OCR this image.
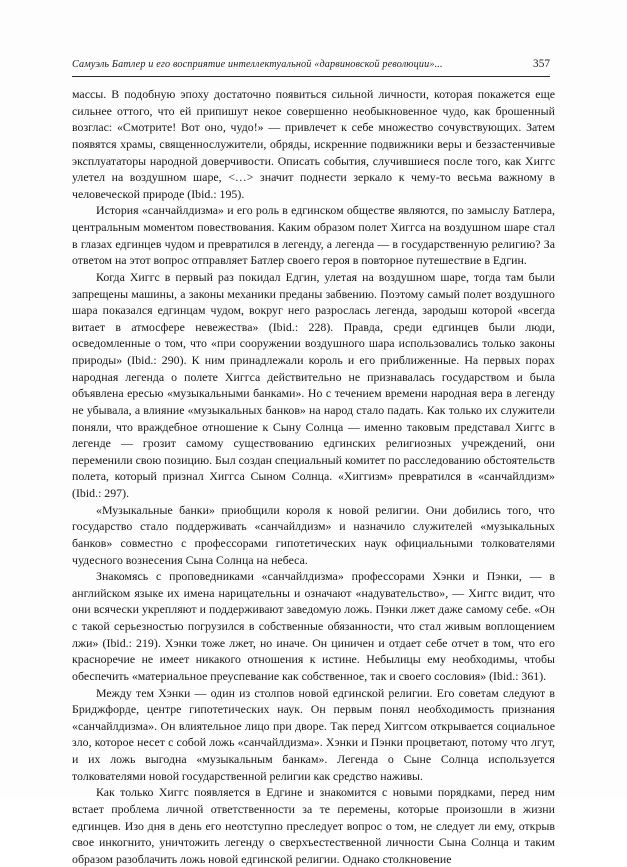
Самуэль Батлер и его восприятие интеллектуальной «дарвиновской революции»...	357

массы. В подобную эпоху достаточно появиться сильной личности, которая покажется еще сильнее оттого, что ей припишут некое совершенно необыкновенное чудо, как брошенный возглас: «Смотрите! Вот оно, чудо!» — привлечет к себе множество сочувствующих. Затем появятся храмы, священнослужители, обряды, искренние подвижники веры и беззастенчивые эксплуататоры народной доверчивости. Описать события, случившиеся после того, как Хиггс улетел на воздушном шаре, <…> значит поднести зеркало к чему-то весьма важному в человеческой природе (Ibid.: 195).

История «санчайлдизма» и его роль в едгинском обществе являются, по замыслу Батлера, центральным моментом повествования. Каким образом полет Хиггса на воздушном шаре стал в глазах едгинцев чудом и превратился в легенду, а легенда — в государственную религию? За ответом на этот вопрос отправляет Батлер своего героя в повторное путешествие в Едгин.

Когда Хиггс в первый раз покидал Едгин, улетая на воздушном шаре, тогда там были запрещены машины, а законы механики преданы забвению. Поэтому самый полет воздушного шара показался едгинцам чудом, вокруг него разрослась легенда, зародыш которой «всегда витает в атмосфере невежества» (Ibid.: 228). Правда, среди едгинцев были люди, осведомленные о том, что «при сооружении воздушного шара использовались только законы природы» (Ibid.: 290). К ним принадлежали король и его приближенные. На первых порах народная легенда о полете Хиггса действительно не признавалась государством и была объявлена ересью «музыкальными банками». Но с течением времени народная вера в легенду не убывала, а влияние «музыкальных банков» на народ стало падать. Как только их служители поняли, что враждебное отношение к Сыну Солнца — именно таковым представал Хиггс в легенде — грозит самому существованию едгинских религиозных учреждений, они переменили свою позицию. Был создан специальный комитет по расследованию обстоятельств полета, который признал Хиггса Сыном Солнца. «Хиггизм» превратился в «санчайлдизм» (Ibid.: 297).

«Музыкальные банки» приобщили короля к новой религии. Они добились того, что государство стало поддерживать «санчайлдизм» и назначило служителей «музыкальных банков» совместно с профессорами гипотетических наук официальными толкователями чудесного вознесения Сына Солнца на небеса.

Знакомясь с проповедниками «санчайлдизма» профессорами Хэнки и Пэнки, — в английском языке их имена нарицательны и означают «надувательство», — Хиггс видит, что они всячески укрепляют и поддерживают заведомую ложь. Пэнки лжет даже самому себе. «Он с такой серьезностью погрузился в собственные обязанности, что стал живым воплощением лжи» (Ibid.: 219). Хэнки тоже лжет, но иначе. Он циничен и отдает себе отчет в том, что его красноречие не имеет никакого отношения к истине. Небылицы ему необходимы, чтобы обеспечить «материальное преуспевание как собственное, так и своего сословия» (Ibid.: 361).

Между тем Хэнки — один из столпов новой едгинской религии. Его советам следуют в Бриджфорде, центре гипотетических наук. Он первым понял необходимость признания «санчайлдизма». Он влиятельное лицо при дворе. Так перед Хиггсом открывается социальное зло, которое несет с собой ложь «санчайлдизма». Хэнки и Пэнки процветают, потому что лгут, и их ложь выгодна «музыкальным банкам». Легенда о Сыне Солнца используется толкователями новой государственной религии как средство наживы.

Как только Хиггс появляется в Едгине и знакомится с новыми порядками, перед ним встает проблема личной ответственности за те перемены, которые произошли в жизни едгинцев. Изо дня в день его неотступно преследует вопрос о том, не следует ли ему, открыв свое инкогнито, уничтожить легенду о сверхъестественной личности Сына Солнца и таким образом разоблачить ложь новой едгинской религии. Однако столкновение
